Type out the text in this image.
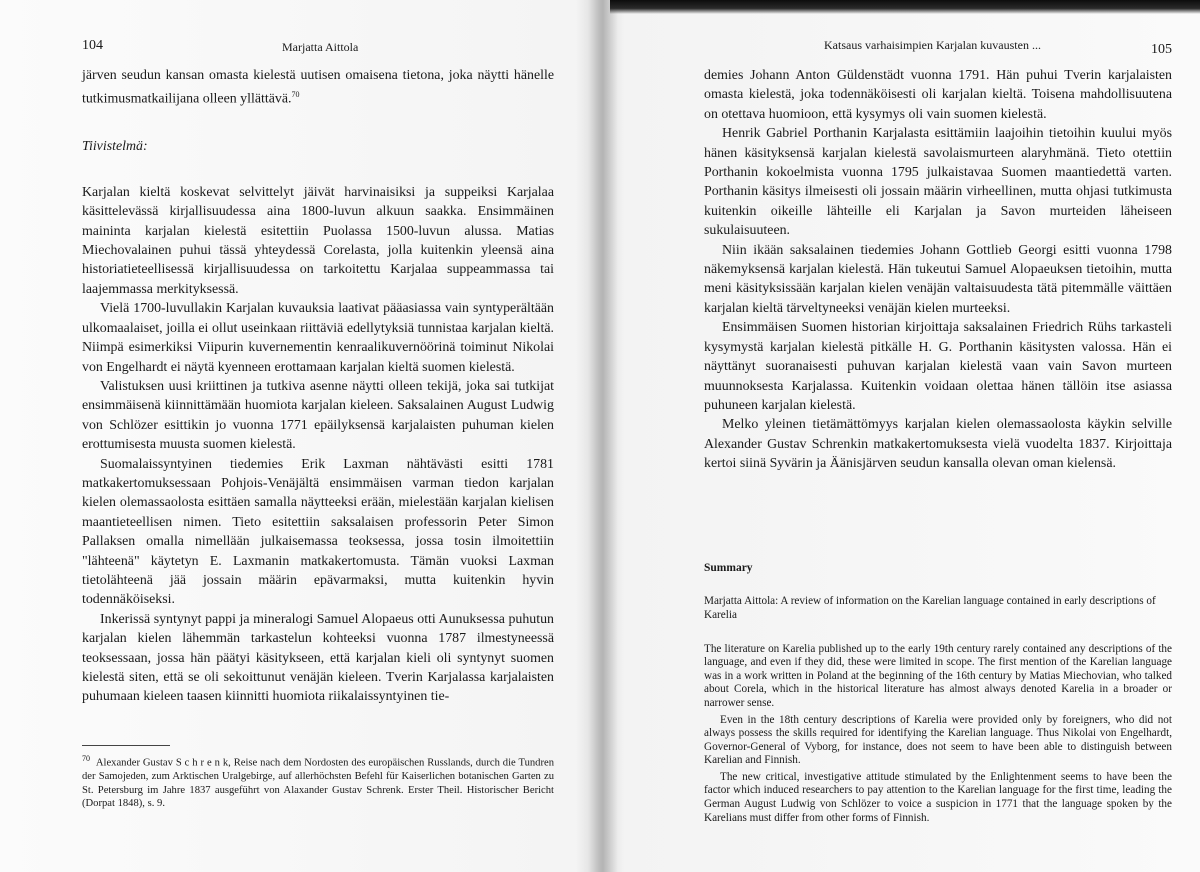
104	Marjatta Aittola

järven seudun kansan omasta kielestä uutisen omaisena tietona, joka näytti hänelle tutkimusmatkailijana olleen yllättävä.$^{70}$

Tiivistelmä:

Karjalan kieltä koskevat selvittelyt jäivät harvinaisiksi ja suppeiksi Karjalaa käsittelevässä kirjallisuudessa aina 1800-luvun alkuun saakka. Ensimmäinen maininta karjalan kielestä esitettiin Puolassa 1500-luvun alussa. Matias Miechovalainen puhui tässä yhteydessä Corelasta, jolla kuitenkin yleensä aina historiatieteellisessä kirjallisuudessa on tarkoitettu Karjalaa suppeammassa tai laajemmassa merkityksessä.

Vielä 1700-luvullakin Karjalan kuvauksia laativat pääasiassa vain syntyperältään ulkomaalaiset, joilla ei ollut useinkaan riittäviä edellytyksiä tunnistaa karjalan kieltä. Niimpä esimerkiksi Viipurin kuvernementin kenraalikuvernöörinä toiminut Nikolai von Engelhardt ei näytä kyenneen erottamaan karjalan kieltä suomen kielestä.

Valistuksen uusi kriittinen ja tutkiva asenne näytti olleen tekijä, joka sai tutkijat ensimmäisenä kiinnittämään huomiota karjalan kieleen. Saksalainen August Ludwig von Schlözer esittikin jo vuonna 1771 epäilyksensä karjalaisten puhuman kielen erottumisesta muusta suomen kielestä.

Suomalaissyntyinen tiedemies Erik Laxman nähtävästi esitti 1781 matkakertomuksessaan Pohjois-Venäjältä ensimmäisen varman tiedon karjalan kielen olemassaolosta esittäen samalla näytteeksi erään, mielestään karjalan kielisen maantieteellisen nimen. Tieto esitettiin saksalaisen professorin Peter Simon Pallaksen omalla nimellään julkaisemassa teoksessa, jossa tosin ilmoitettiin "lähteenä" käytetyn E. Laxmanin matkakertomusta. Tämän vuoksi Laxman tietolähteenä jää jossain määrin epävarmaksi, mutta kuitenkin hyvin todennäköiseksi.

Inkerissä syntynyt pappi ja mineralogi Samuel Alopaeus otti Aunuksessa puhutun karjalan kielen lähemmän tarkastelun kohteeksi vuonna 1787 ilmestyneessä teoksessaan, jossa hän päätyi käsitykseen, että karjalan kieli oli syntynyt suomen kielestä siten, että se oli sekoittunut venäjän kieleen. Tverin Karjalassa karjalaisten puhumaan kieleen taasen kiinnitti huomiota riikalaissyntyinen tie-

$^{70}$ Alexander Gustav S c h r e n k, Reise nach dem Nordosten des europäischen Russlands, durch die Tundren der Samojeden, zum Arktischen Uralgebirge, auf allerhöchsten Befehl für Kaiserlichen botanischen Garten zu St. Petersburg im Jahre 1837 ausgeführt von Alaxander Gustav Schrenk. Erster Theil. Historischer Bericht (Dorpat 1848), s. 9.
Katsaus varhaisimpien Karjalan kuvausten ...	105

demies Johann Anton Güldenstädt vuonna 1791. Hän puhui Tverin karjalaisten omasta kielestä, joka todennäköisesti oli karjalan kieltä. Toisena mahdollisuutena on otettava huomioon, että kysymys oli vain suomen kielestä.

Henrik Gabriel Porthanin Karjalasta esittämiin laajoihin tietoihin kuului myös hänen käsityksensä karjalan kielestä savolaismurteen alaryhmänä. Tieto otettiin Porthanin kokoelmista vuonna 1795 julkaistavaa Suomen maantiedettä varten. Porthanin käsitys ilmeisesti oli jossain määrin virheellinen, mutta ohjasi tutkimusta kuitenkin oikeille lähteille eli Karjalan ja Savon murteiden läheiseen sukulaisuuteen.

Niin ikään saksalainen tiedemies Johann Gottlieb Georgi esitti vuonna 1798 näkemyksensä karjalan kielestä. Hän tukeutui Samuel Alopaeuksen tietoihin, mutta meni käsityksissään karjalan kielen venäjän valtaisuudesta tätä pitemmälle väittäen karjalan kieltä tärveltyneeksi venäjän kielen murteeksi.

Ensimmäisen Suomen historian kirjoittaja saksalainen Friedrich Rühs tarkasteli kysymystä karjalan kielestä pitkälle H. G. Porthanin käsitysten valossa. Hän ei näyttänyt suoranaisesti puhuvan karjalan kielestä vaan vain Savon murteen muunnoksesta Karjalassa. Kuitenkin voidaan olettaa hänen tällöin itse asiassa puhuneen karjalan kielestä.

Melko yleinen tietämättömyys karjalan kielen olemassaolosta käykin selville Alexander Gustav Schrenkin matkakertomuksesta vielä vuodelta 1837. Kirjoittaja kertoi siinä Syvärin ja Äänisjärven seudun kansalla olevan oman kielensä.

Summary
Marjatta Aittola: A review of information on the Karelian language contained in early descriptions of Karelia

The literature on Karelia published up to the early 19th century rarely contained any descriptions of the language, and even if they did, these were limited in scope. The first mention of the Karelian language was in a work written in Poland at the beginning of the 16th century by Matias Miechovian, who talked about Corela, which in the historical literature has almost always denoted Karelia in a broader or narrower sense.

Even in the 18th century descriptions of Karelia were provided only by foreigners, who did not always possess the skills required for identifying the Karelian language. Thus Nikolai von Engelhardt, Governor-General of Vyborg, for instance, does not seem to have been able to distinguish between Karelian and Finnish.

The new critical, investigative attitude stimulated by the Enlightenment seems to have been the factor which induced researchers to pay attention to the Karelian language for the first time, leading the German August Ludwig von Schlözer to voice a suspicion in 1771 that the language spoken by the Karelians must differ from other forms of Finnish.
